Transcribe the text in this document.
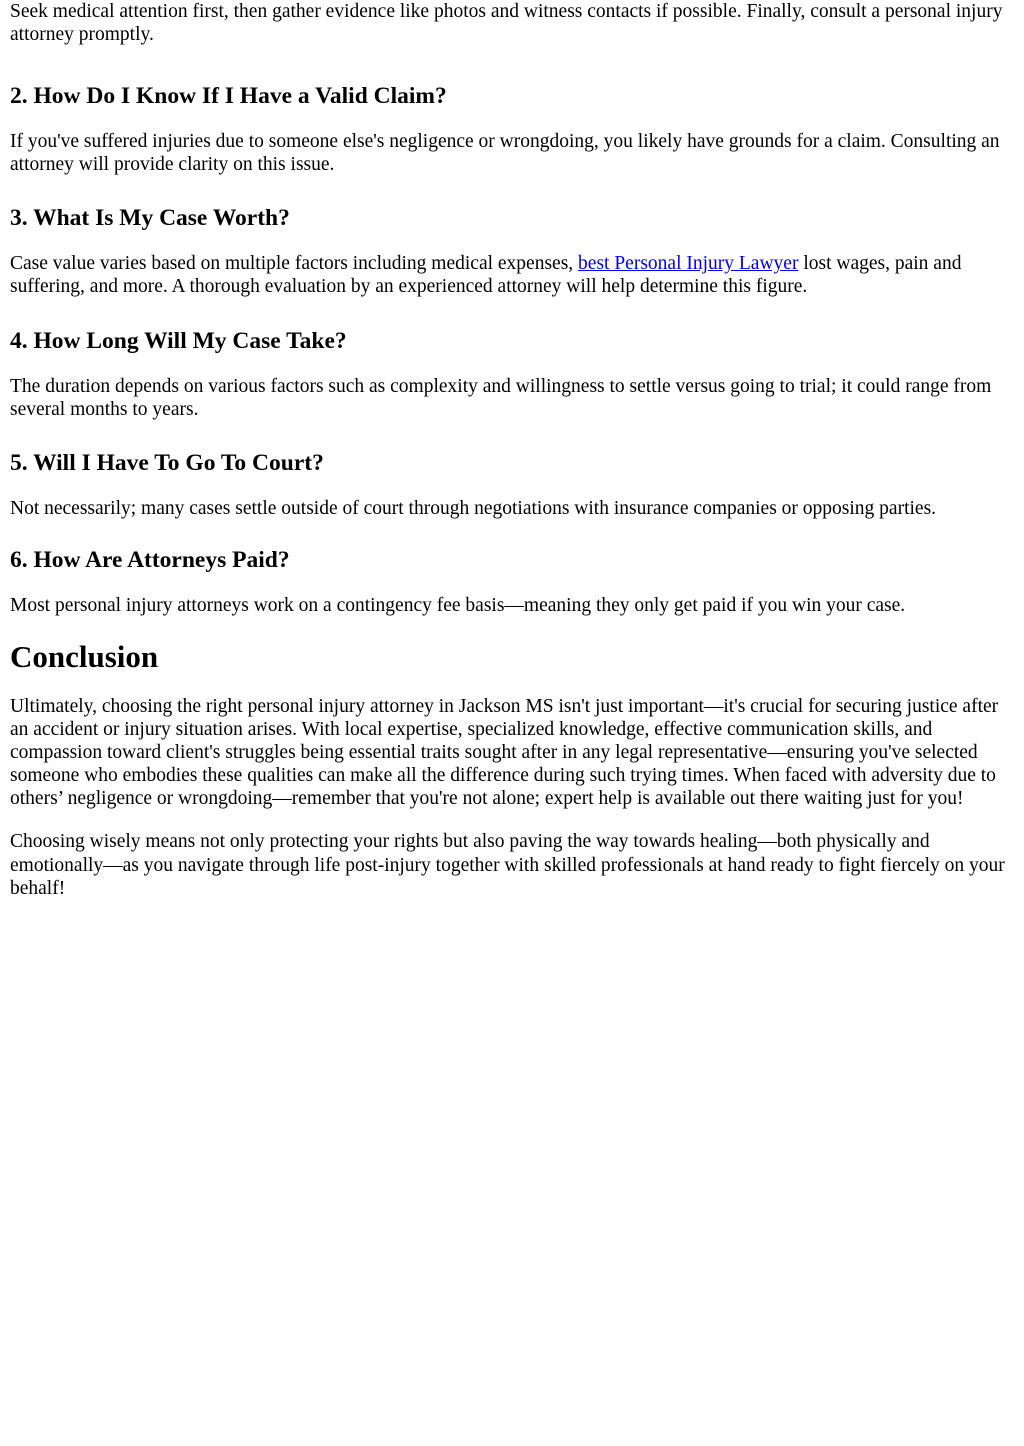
Seek medical attention first, then gather evidence like photos and witness contacts if possible. Finally, consult a personal injury attorney promptly.

2. How Do I Know If I Have a Valid Claim?

If you've suffered injuries due to someone else's negligence or wrongdoing, you likely have grounds for a claim. Consulting an attorney will provide clarity on this issue.

3. What Is My Case Worth?

Case value varies based on multiple factors including medical expenses, best Personal Injury Lawyer lost wages, pain and suffering, and more. A thorough evaluation by an experienced attorney will help determine this figure.

4. How Long Will My Case Take?

The duration depends on various factors such as complexity and willingness to settle versus going to trial; it could range from several months to years.

5. Will I Have To Go To Court?

Not necessarily; many cases settle outside of court through negotiations with insurance companies or opposing parties.

6. How Are Attorneys Paid?

Most personal injury attorneys work on a contingency fee basis—meaning they only get paid if you win your case.

Conclusion

Ultimately, choosing the right personal injury attorney in Jackson MS isn't just important—it's crucial for securing justice after an accident or injury situation arises. With local expertise, specialized knowledge, effective communication skills, and compassion toward client's struggles being essential traits sought after in any legal representative—ensuring you've selected someone who embodies these qualities can make all the difference during such trying times. When faced with adversity due to others’ negligence or wrongdoing—remember that you're not alone; expert help is available out there waiting just for you!

Choosing wisely means not only protecting your rights but also paving the way towards healing—both physically and emotionally—as you navigate through life post-injury together with skilled professionals at hand ready to fight fiercely on your behalf!
